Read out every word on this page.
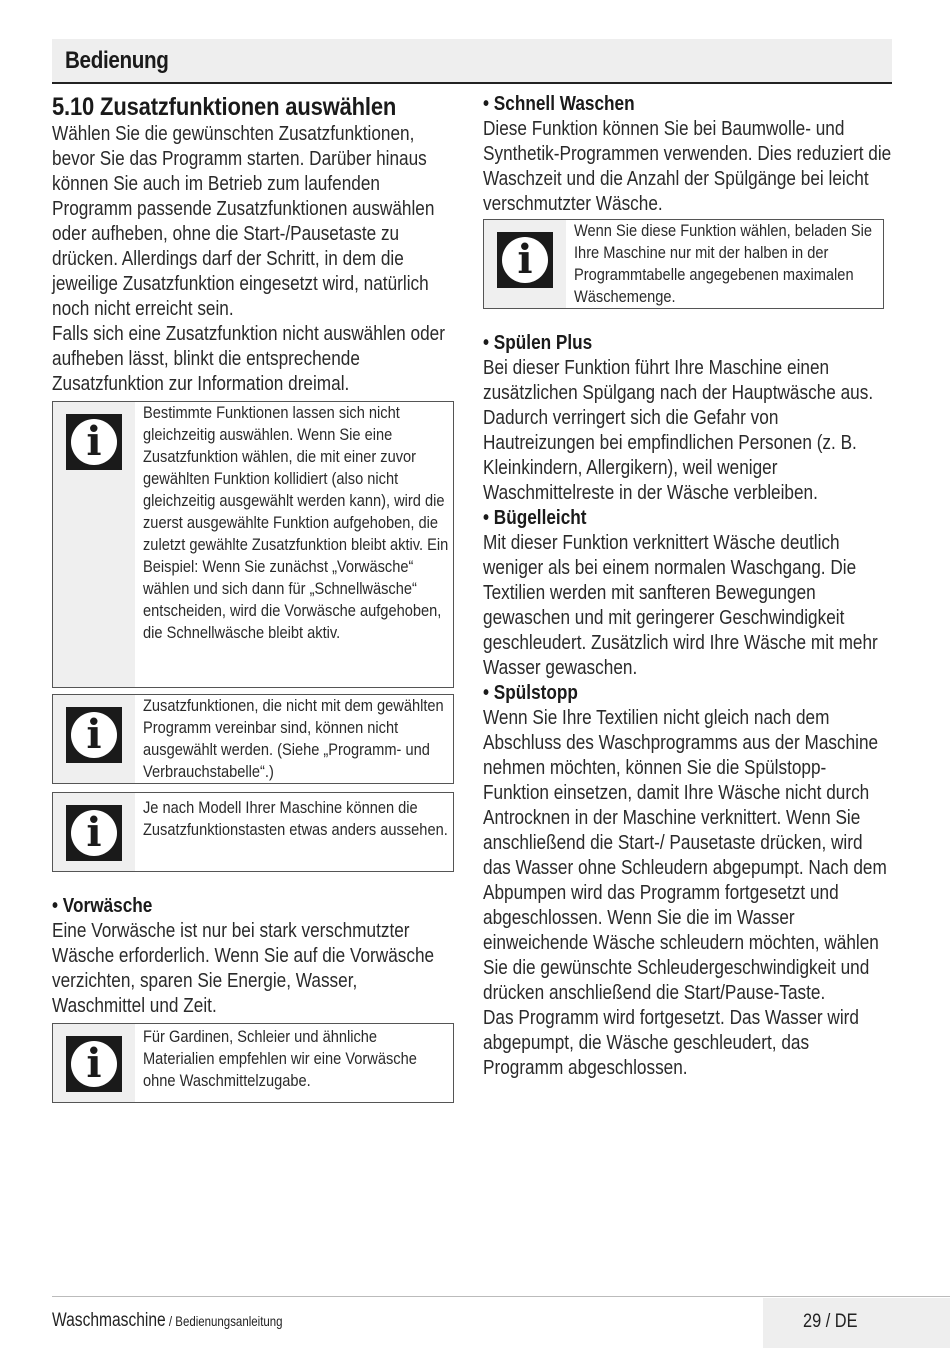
Bedienung
5.10 Zusatzfunktionen auswählen
Wählen Sie die gewünschten Zusatzfunktionen, bevor Sie das Programm starten. Darüber hinaus können Sie auch im Betrieb zum laufenden Programm passende Zusatzfunktionen auswählen oder aufheben, ohne die Start-/Pausetaste zu drücken. Allerdings darf der Schritt, in dem die jeweilige Zusatzfunktion eingesetzt wird, natürlich noch nicht erreicht sein.
Falls sich eine Zusatzfunktion nicht auswählen oder aufheben lässt, blinkt die entsprechende Zusatzfunktion zur Information dreimal.
i
Bestimmte Funktionen lassen sich nicht gleichzeitig auswählen. Wenn Sie eine Zusatzfunktion wählen, die mit einer zuvor gewählten Funktion kollidiert (also nicht gleichzeitig ausgewählt werden kann), wird die zuerst ausgewählte Funktion aufgehoben, die zuletzt gewählte Zusatzfunktion bleibt aktiv. Ein Beispiel: Wenn Sie zunächst „Vorwäsche“ wählen und sich dann für „Schnellwäsche“ entscheiden, wird die Vorwäsche aufgehoben, die Schnellwäsche bleibt aktiv.
i
Zusatzfunktionen, die nicht mit dem gewählten Programm vereinbar sind, können nicht ausgewählt werden. (Siehe „Programm- und Verbrauchstabelle“.)
i
Je nach Modell Ihrer Maschine können die Zusatzfunktionstasten etwas anders aussehen.
• Vorwäsche
Eine Vorwäsche ist nur bei stark verschmutzter Wäsche erforderlich. Wenn Sie auf die Vorwäsche verzichten, sparen Sie Energie, Wasser, Waschmittel und Zeit.
i
Für Gardinen, Schleier und ähnliche Materialien empfehlen wir eine Vorwäsche ohne Waschmittelzugabe.
• Schnell Waschen
Diese Funktion können Sie bei Baumwolle- und Synthetik-Programmen verwenden. Dies reduziert die Waschzeit und die Anzahl der Spülgänge bei leicht verschmutzter Wäsche.
i
Wenn Sie diese Funktion wählen, beladen Sie Ihre Maschine nur mit der halben in der Programmtabelle angegebenen maximalen Wäschemenge.
• Spülen Plus
Bei dieser Funktion führt Ihre Maschine einen zusätzlichen Spülgang nach der Hauptwäsche aus. Dadurch verringert sich die Gefahr von Hautreizungen bei empfindlichen Personen (z. B. Kleinkindern, Allergikern), weil weniger Waschmittelreste in der Wäsche verbleiben.
• Bügelleicht
Mit dieser Funktion verknittert Wäsche deutlich weniger als bei einem normalen Waschgang. Die Textilien werden mit sanfteren Bewegungen gewaschen und mit geringerer Geschwindigkeit geschleudert. Zusätzlich wird Ihre Wäsche mit mehr Wasser gewaschen.
• Spülstopp
Wenn Sie Ihre Textilien nicht gleich nach dem Abschluss des Waschprogramms aus der Maschine nehmen möchten, können Sie die Spülstopp-Funktion einsetzen, damit Ihre Wäsche nicht durch Antrocknen in der Maschine verknittert. Wenn Sie anschließend die Start-/ Pausetaste drücken, wird das Wasser ohne Schleudern abgepumpt. Nach dem Abpumpen wird das Programm fortgesetzt und abgeschlossen. Wenn Sie die im Wasser einweichende Wäsche schleudern möchten, wählen Sie die gewünschte Schleudergeschwindigkeit und drücken anschließend die Start/Pause-Taste.
Das Programm wird fortgesetzt. Das Wasser wird abgepumpt, die Wäsche geschleudert, das Programm abgeschlossen.
Waschmaschine / Bedienungsanleitung	29 / DE
